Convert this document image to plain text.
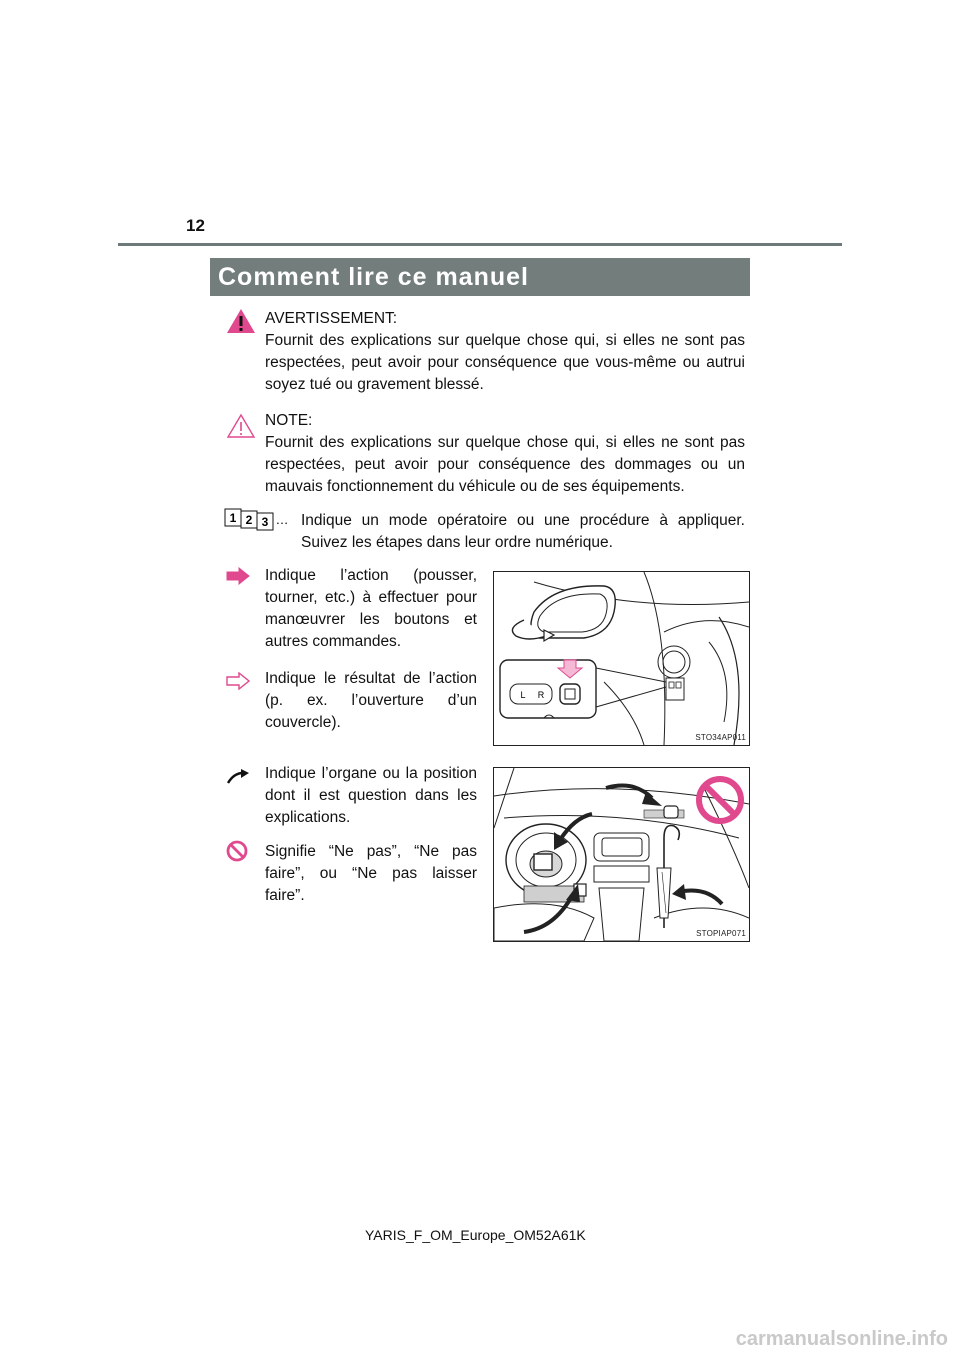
12
Comment lire ce manuel
AVERTISSEMENT:
Fournit des explications sur quelque chose qui, si elles ne sont pas respectées, peut avoir pour conséquence que vous-même ou autrui soyez tué ou gravement blessé.
NOTE:
Fournit des explications sur quelque chose qui, si elles ne sont pas respectées, peut avoir pour conséquence des dommages ou un mauvais fonctionnement du véhicule ou de ses équipements.
1 2 3 … Indique un mode opératoire ou une procédure à appliquer. Suivez les étapes dans leur ordre numérique.
Indique l’action (pousser, tourner, etc.) à effectuer pour manœuvrer les boutons et autres commandes.
Indique le résultat de l’action (p. ex. l’ouverture d’un couvercle).
L R
STO34AP011
Indique l’organe ou la position dont il est question dans les explications.
Signifie “Ne pas”, “Ne pas faire”, ou “Ne pas laisser faire”.
STOPIAP071
YARIS_F_OM_Europe_OM52A61K
carmanualsonline.info
